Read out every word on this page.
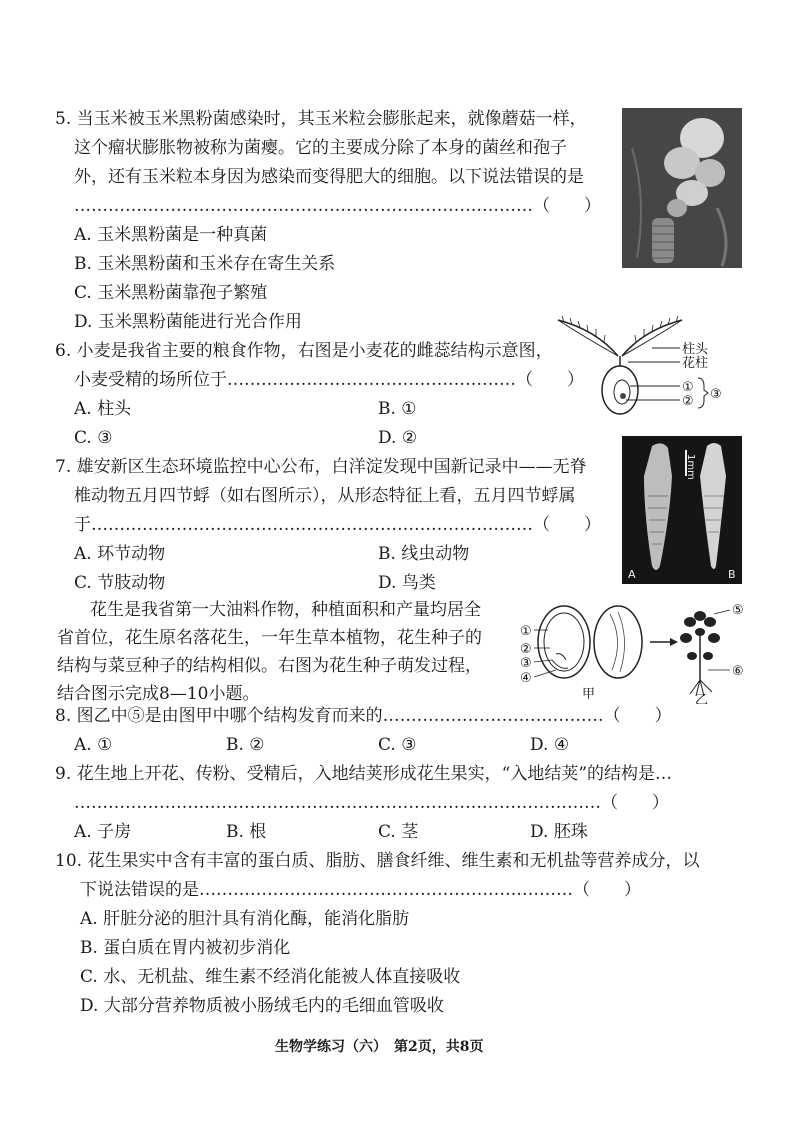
5. 当玉米被玉米黑粉菌感染时，其玉米粒会膨胀起来，就像蘑菇一样，
这个瘤状膨胀物被称为菌瘿。它的主要成分除了本身的菌丝和孢子
外，还有玉米粒本身因为感染而变得肥大的细胞。以下说法错误的是
………………………………………………………………………（　　）
A. 玉米黑粉菌是一种真菌
B. 玉米黑粉菌和玉米存在寄生关系
C. 玉米黑粉菌靠孢子繁殖
D. 玉米黑粉菌能进行光合作用
6. 小麦是我省主要的粮食作物，右图是小麦花的雌蕊结构示意图，
小麦受精的场所位于……………………………………………（　　）
A. 柱头	B. ①
C. ③	D. ②
柱头
花柱
①
② ③
7. 雄安新区生态环境监控中心公布，白洋淀发现中国新记录中——无脊
椎动物五月四节蜉（如右图所示），从形态特征上看，五月四节蜉属
于……………………………………………………………………（　　）
A. 环节动物	B. 线虫动物
C. 节肢动物	D. 鸟类
1mm
A	B
花生是我省第一大油料作物，种植面积和产量均居全
省首位，花生原名落花生，一年生草本植物，花生种子的
结构与菜豆种子的结构相似。右图为花生种子萌发过程，
结合图示完成8—10小题。
①
②
③
④
⑤
⑥
甲	乙
8. 图乙中⑤是由图甲中哪个结构发育而来的…………………………………（　　）
A. ①	B. ②	C. ③	D. ④
9. 花生地上开花、传粉、受精后，入地结荚形成花生果实，“入地结荚”的结构是…
…………………………………………………………………………………（　　）
A. 子房	B. 根	C. 茎	D. 胚珠
10. 花生果实中含有丰富的蛋白质、脂肪、膳食纤维、维生素和无机盐等营养成分，以
下说法错误的是…………………………………………………………（　　）
A. 肝脏分泌的胆汁具有消化酶，能消化脂肪
B. 蛋白质在胃内被初步消化
C. 水、无机盐、维生素不经消化能被人体直接吸收
D. 大部分营养物质被小肠绒毛内的毛细血管吸收
生物学练习（六）　第2页，共8页
